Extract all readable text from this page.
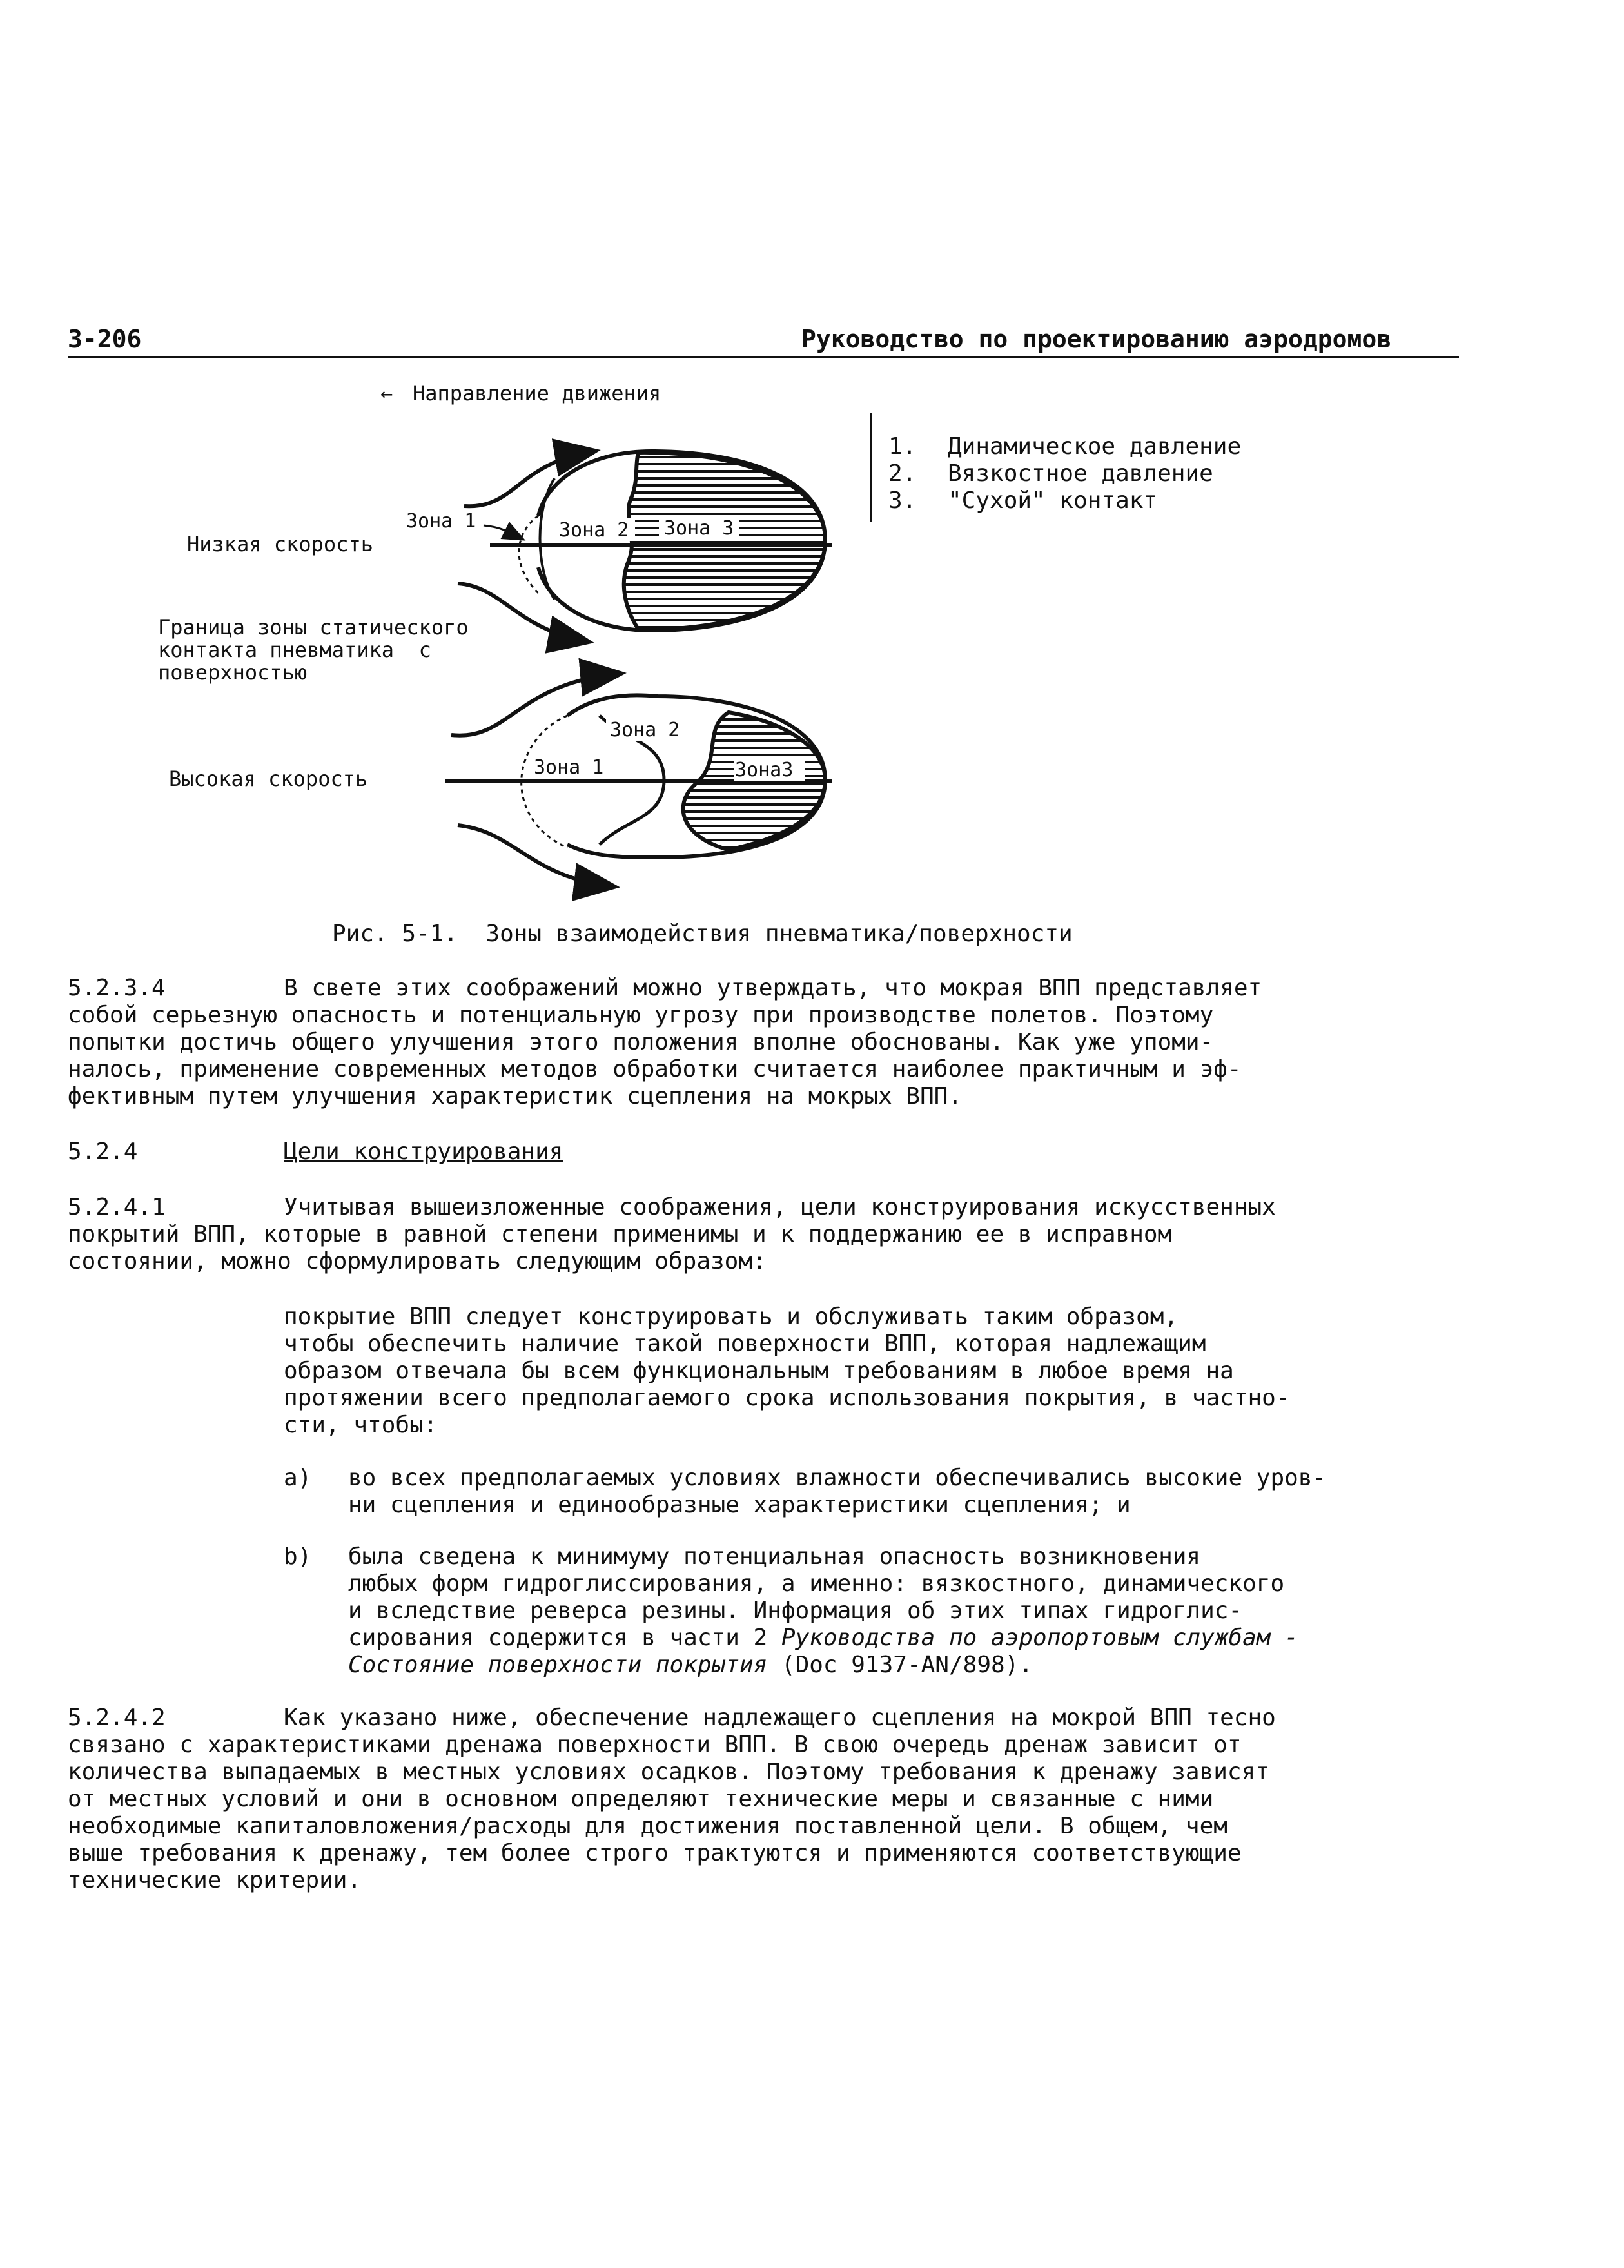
3-206	Руководство по проектированию аэродромов
← Направление движения
Низкая скорость
Граница зоны статического
контакта пневматика  с
поверхностью
Высокая скорость
Зона 1	Зона 2 Зона 3
Зона 2
Зона 1	Зона3
1. Динамическое давление
2. Вязкостное давление
3. "Сухой" контакт
Рис. 5-1.  Зоны взаимодействия пневматика/поверхности
5.2.3.4	В свете этих соображений можно утверждать, что мокрая ВПП представляет
собой серьезную опасность и потенциальную угрозу при производстве полетов. Поэтому
попытки достичь общего улучшения этого положения вполне обоснованы. Как уже упоми-
налось, применение современных методов обработки считается наиболее практичным и эф-
фективным путем улучшения характеристик сцепления на мокрых ВПП.
5.2.4	Цели конструирования
5.2.4.1	Учитывая вышеизложенные соображения, цели конструирования искусственных
покрытий ВПП, которые в равной степени применимы и к поддержанию ее в исправном
состоянии, можно сформулировать следующим образом:
покрытие ВПП следует конструировать и обслуживать таким образом,
чтобы обеспечить наличие такой поверхности ВПП, которая надлежащим
образом отвечала бы всем функциональным требованиям в любое время на
протяжении всего предполагаемого срока использования покрытия, в частно-
сти, чтобы:
a) во всех предполагаемых условиях влажности обеспечивались высокие уров-
ни сцепления и единообразные характеристики сцепления; и
b) была сведена к минимуму потенциальная опасность возникновения
любых форм гидроглиссирования, а именно: вязкостного, динамического
и вследствие реверса резины. Информация об этих типах гидроглис-
сирования содержится в части 2 Руководства по аэропортовым службам -
Состояние поверхности покрытия (Doc 9137-AN/898).
5.2.4.2	Как указано ниже, обеспечение надлежащего сцепления на мокрой ВПП тесно
связано с характеристиками дренажа поверхности ВПП. В свою очередь дренаж зависит от
количества выпадаемых в местных условиях осадков. Поэтому требования к дренажу зависят
от местных условий и они в основном определяют технические меры и связанные с ними
необходимые капиталовложения/расходы для достижения поставленной цели. В общем, чем
выше требования к дренажу, тем более строго трактуются и применяются соответствующие
технические критерии.
